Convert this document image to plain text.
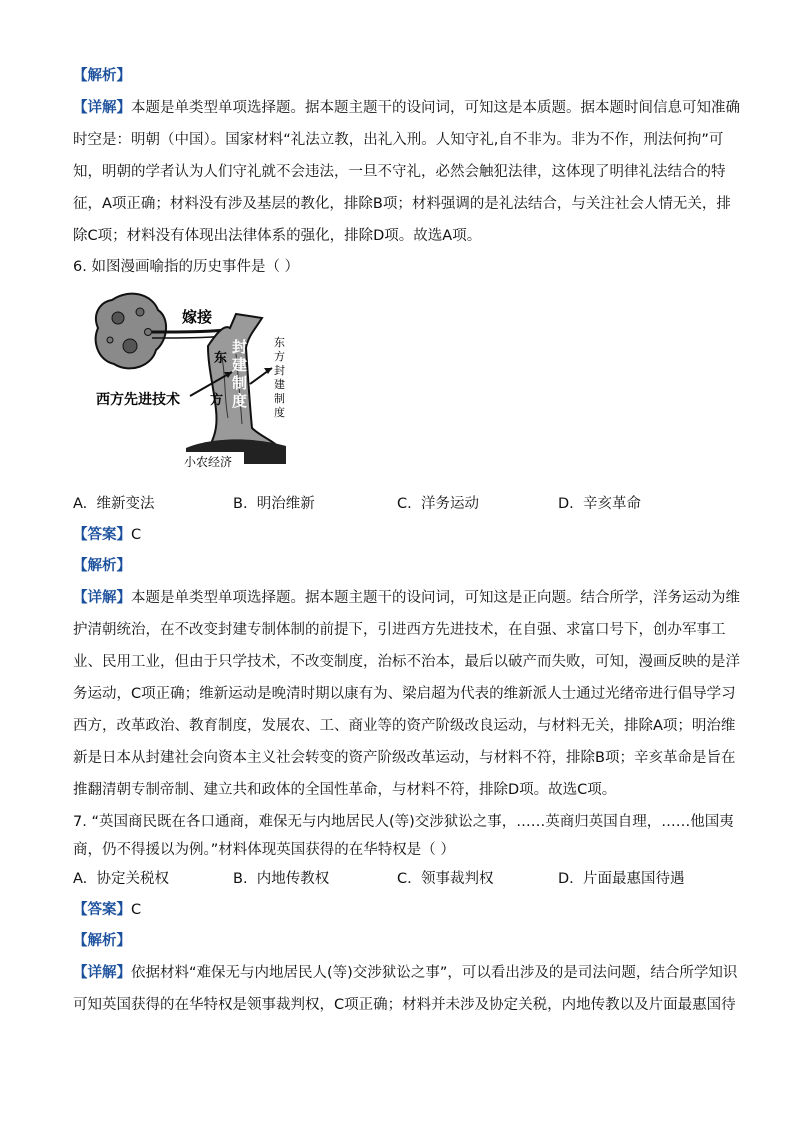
【解析】
【详解】本题是单类型单项选择题。据本题主题干的设问词，可知这是本质题。据本题时间信息可知准确
时空是：明朝（中国）。国家材料“礼法立教，出礼入刑。人知守礼,自不非为。非为不作，刑法何拘”可
知，明朝的学者认为人们守礼就不会违法，一旦不守礼，必然会触犯法律，这体现了明律礼法结合的特
征，A项正确；材料没有涉及基层的教化，排除B项；材料强调的是礼法结合，与关注社会人情无关，排
除C项；材料没有体现出法律体系的强化，排除D项。故选A项。
6. 如图漫画喻指的历史事件是（ ）
嫁接
东
方
封
建
制
度
东
方
封
建
制
度
西方先进技术
小农经济
A. 维新变法	B. 明治维新	C. 洋务运动	D. 辛亥革命
【答案】C
【解析】
【详解】本题是单类型单项选择题。据本题主题干的设问词，可知这是正向题。结合所学，洋务运动为维
护清朝统治，在不改变封建专制体制的前提下，引进西方先进技术，在自强、求富口号下，创办军事工
业、民用工业，但由于只学技术，不改变制度，治标不治本，最后以破产而失败，可知，漫画反映的是洋
务运动，C项正确；维新运动是晚清时期以康有为、梁启超为代表的维新派人士通过光绪帝进行倡导学习
西方，改革政治、教育制度，发展农、工、商业等的资产阶级改良运动，与材料无关，排除A项；明治维
新是日本从封建社会向资本主义社会转变的资产阶级改革运动，与材料不符，排除B项；辛亥革命是旨在
推翻清朝专制帝制、建立共和政体的全国性革命，与材料不符，排除D项。故选C项。
7. “英国商民既在各口通商，难保无与内地居民人(等)交涉狱讼之事，……英商归英国自理，……他国夷
商，仍不得援以为例。”材料体现英国获得的在华特权是（ ）
A. 协定关税权	B. 内地传教权	C. 领事裁判权	D. 片面最惠国待遇
【答案】C
【解析】
【详解】依据材料“难保无与内地居民人(等)交涉狱讼之事”，可以看出涉及的是司法问题，结合所学知识
可知英国获得的在华特权是领事裁判权，C项正确；材料并未涉及协定关税，内地传教以及片面最惠国待
